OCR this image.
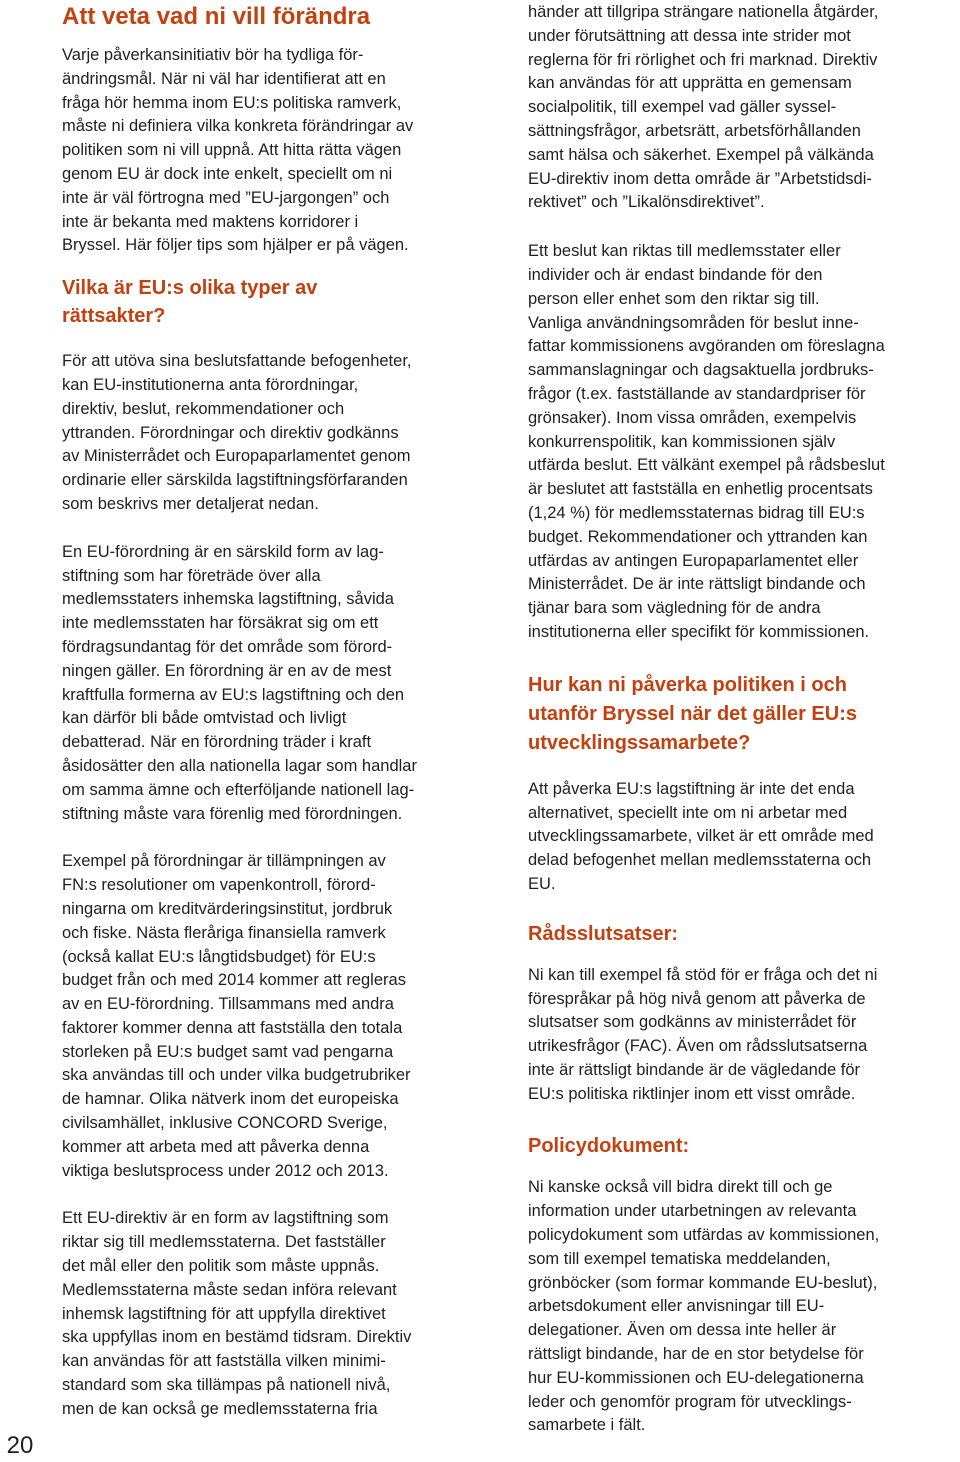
Att veta vad ni vill förändra

Varje påverkansinitiativ bör ha tydliga för-
ändringsmål. När ni väl har identifierat att en
fråga hör hemma inom EU:s politiska ramverk,
måste ni definiera vilka konkreta förändringar av
politiken som ni vill uppnå. Att hitta rätta vägen
genom EU är dock inte enkelt, speciellt om ni
inte är väl förtrogna med ”EU-jargongen” och
inte är bekanta med maktens korridorer i
Bryssel. Här följer tips som hjälper er på vägen.

Vilka är EU:s olika typer av
rättsakter?

För att utöva sina beslutsfattande befogenheter,
kan EU-institutionerna anta förordningar,
direktiv, beslut, rekommendationer och
yttranden. Förordningar och direktiv godkänns
av Ministerrådet och Europaparlamentet genom
ordinarie eller särskilda lagstiftningsförfaranden
som beskrivs mer detaljerat nedan.

En EU-förordning är en särskild form av lag-
stiftning som har företräde över alla
medlemsstaters inhemska lagstiftning, såvida
inte medlemsstaten har försäkrat sig om ett
fördragsundantag för det område som förord-
ningen gäller. En förordning är en av de mest
kraftfulla formerna av EU:s lagstiftning och den
kan därför bli både omtvistad och livligt
debatterad. När en förordning träder i kraft
åsidosätter den alla nationella lagar som handlar
om samma ämne och efterföljande nationell lag-
stiftning måste vara förenlig med förordningen.

Exempel på förordningar är tillämpningen av
FN:s resolutioner om vapenkontroll, förord-
ningarna om kreditvärderingsinstitut, jordbruk
och fiske. Nästa fleråriga finansiella ramverk
(också kallat EU:s långtidsbudget) för EU:s
budget från och med 2014 kommer att regleras
av en EU-förordning. Tillsammans med andra
faktorer kommer denna att fastställa den totala
storleken på EU:s budget samt vad pengarna
ska användas till och under vilka budgetrubriker
de hamnar. Olika nätverk inom det europeiska
civilsamhället, inklusive CONCORD Sverige,
kommer att arbeta med att påverka denna
viktiga beslutsprocess under 2012 och 2013.

Ett EU-direktiv är en form av lagstiftning som
riktar sig till medlemsstaterna. Det fastställer
det mål eller den politik som måste uppnås.
Medlemsstaterna måste sedan införa relevant
inhemsk lagstiftning för att uppfylla direktivet
ska uppfyllas inom en bestämd tidsram. Direktiv
kan användas för att fastställa vilken minimi-
standard som ska tillämpas på nationell nivå,
men de kan också ge medlemsstaterna fria

händer att tillgripa strängare nationella åtgärder,
under förutsättning att dessa inte strider mot
reglerna för fri rörlighet och fri marknad. Direktiv
kan användas för att upprätta en gemensam
socialpolitik, till exempel vad gäller syssel-
sättningsfrågor, arbetsrätt, arbetsförhållanden
samt hälsa och säkerhet. Exempel på välkända
EU-direktiv inom detta område är ”Arbetstidsdi-
rektivet” och ”Likalönsdirektivet”.

Ett beslut kan riktas till medlemsstater eller
individer och är endast bindande för den
person eller enhet som den riktar sig till.
Vanliga användningsområden för beslut inne-
fattar kommissionens avgöranden om föreslagna
sammanslagningar och dagsaktuella jordbruks-
frågor (t.ex. fastställande av standardpriser för
grönsaker). Inom vissa områden, exempelvis
konkurrenspolitik, kan kommissionen själv
utfärda beslut. Ett välkänt exempel på rådsbeslut
är beslutet att fastställa en enhetlig procentsats
(1,24 %) för medlemsstaternas bidrag till EU:s
budget. Rekommendationer och yttranden kan
utfärdas av antingen Europaparlamentet eller
Ministerrådet. De är inte rättsligt bindande och
tjänar bara som vägledning för de andra
institutionerna eller specifikt för kommissionen.

Hur kan ni påverka politiken i och
utanför Bryssel när det gäller EU:s
utvecklingssamarbete?

Att påverka EU:s lagstiftning är inte det enda
alternativet, speciellt inte om ni arbetar med
utvecklingssamarbete, vilket är ett område med
delad befogenhet mellan medlemsstaterna och
EU.

Rådsslutsatser:

Ni kan till exempel få stöd för er fråga och det ni
förespråkar på hög nivå genom att påverka de
slutsatser som godkänns av ministerrådet för
utrikesfrågor (FAC). Även om rådsslutsatserna
inte är rättsligt bindande är de vägledande för
EU:s politiska riktlinjer inom ett visst område.

Policydokument:

Ni kanske också vill bidra direkt till och ge
information under utarbetningen av relevanta
policydokument som utfärdas av kommissionen,
som till exempel tematiska meddelanden,
grönböcker (som formar kommande EU-beslut),
arbetsdokument eller anvisningar till EU-
delegationer. Även om dessa inte heller är
rättsligt bindande, har de en stor betydelse för
hur EU-kommissionen och EU-delegationerna
leder och genomför program för utvecklings-
samarbete i fält.

20
